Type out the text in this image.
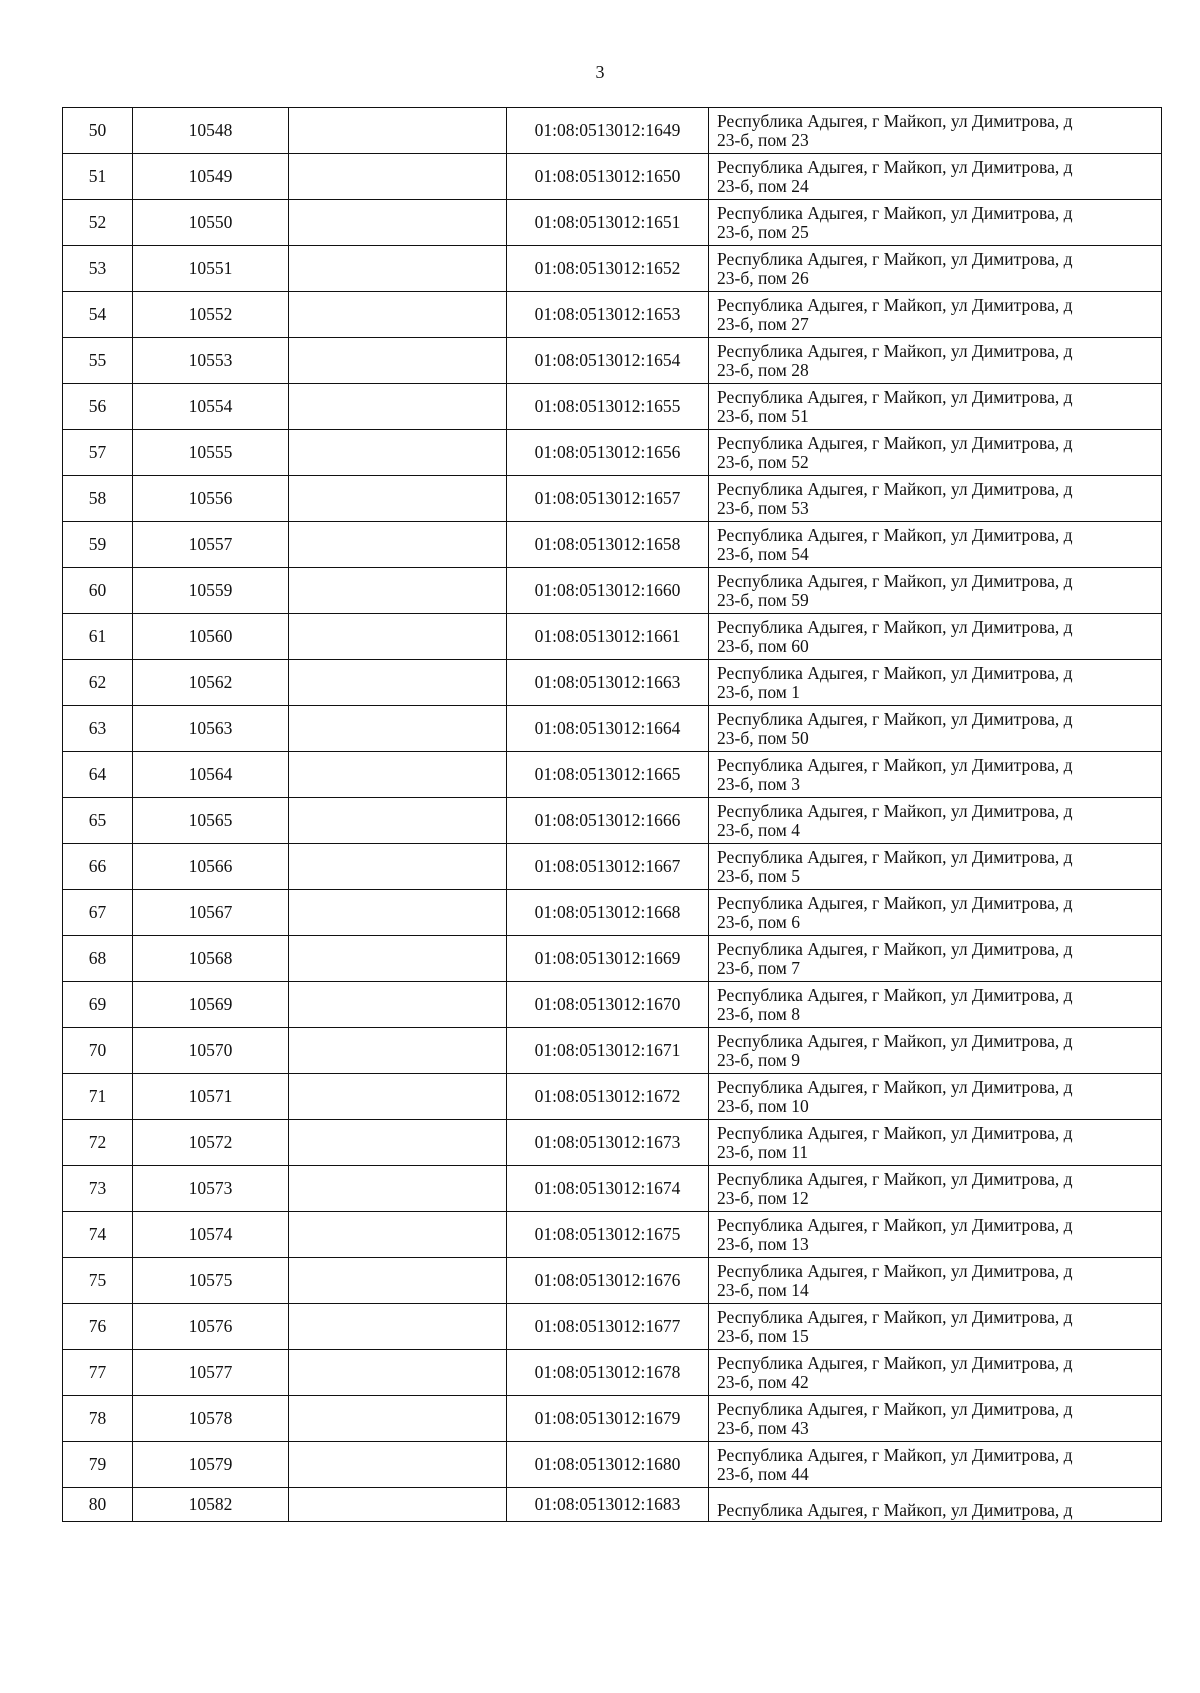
3
50	10548		01:08:0513012:1649	Республика Адыгея, г Майкоп, ул Димитрова, д
23-б, пом 23

51	10549		01:08:0513012:1650	Республика Адыгея, г Майкоп, ул Димитрова, д
23-б, пом 24

52	10550		01:08:0513012:1651	Республика Адыгея, г Майкоп, ул Димитрова, д
23-б, пом 25

53	10551		01:08:0513012:1652	Республика Адыгея, г Майкоп, ул Димитрова, д
23-б, пом 26

54	10552		01:08:0513012:1653	Республика Адыгея, г Майкоп, ул Димитрова, д
23-б, пом 27

55	10553		01:08:0513012:1654	Республика Адыгея, г Майкоп, ул Димитрова, д
23-б, пом 28

56	10554		01:08:0513012:1655	Республика Адыгея, г Майкоп, ул Димитрова, д
23-б, пом 51

57	10555		01:08:0513012:1656	Республика Адыгея, г Майкоп, ул Димитрова, д
23-б, пом 52

58	10556		01:08:0513012:1657	Республика Адыгея, г Майкоп, ул Димитрова, д
23-б, пом 53

59	10557		01:08:0513012:1658	Республика Адыгея, г Майкоп, ул Димитрова, д
23-б, пом 54

60	10559		01:08:0513012:1660	Республика Адыгея, г Майкоп, ул Димитрова, д
23-б, пом 59

61	10560		01:08:0513012:1661	Республика Адыгея, г Майкоп, ул Димитрова, д
23-б, пом 60

62	10562		01:08:0513012:1663	Республика Адыгея, г Майкоп, ул Димитрова, д
23-б, пом 1

63	10563		01:08:0513012:1664	Республика Адыгея, г Майкоп, ул Димитрова, д
23-б, пом 50

64	10564		01:08:0513012:1665	Республика Адыгея, г Майкоп, ул Димитрова, д
23-б, пом 3

65	10565		01:08:0513012:1666	Республика Адыгея, г Майкоп, ул Димитрова, д
23-б, пом 4

66	10566		01:08:0513012:1667	Республика Адыгея, г Майкоп, ул Димитрова, д
23-б, пом 5

67	10567		01:08:0513012:1668	Республика Адыгея, г Майкоп, ул Димитрова, д
23-б, пом 6

68	10568		01:08:0513012:1669	Республика Адыгея, г Майкоп, ул Димитрова, д
23-б, пом 7

69	10569		01:08:0513012:1670	Республика Адыгея, г Майкоп, ул Димитрова, д
23-б, пом 8

70	10570		01:08:0513012:1671	Республика Адыгея, г Майкоп, ул Димитрова, д
23-б, пом 9

71	10571		01:08:0513012:1672	Республика Адыгея, г Майкоп, ул Димитрова, д
23-б, пом 10

72	10572		01:08:0513012:1673	Республика Адыгея, г Майкоп, ул Димитрова, д
23-б, пом 11

73	10573		01:08:0513012:1674	Республика Адыгея, г Майкоп, ул Димитрова, д
23-б, пом 12

74	10574		01:08:0513012:1675	Республика Адыгея, г Майкоп, ул Димитрова, д
23-б, пом 13

75	10575		01:08:0513012:1676	Республика Адыгея, г Майкоп, ул Димитрова, д
23-б, пом 14

76	10576		01:08:0513012:1677	Республика Адыгея, г Майкоп, ул Димитрова, д
23-б, пом 15

77	10577		01:08:0513012:1678	Республика Адыгея, г Майкоп, ул Димитрова, д
23-б, пом 42

78	10578		01:08:0513012:1679	Республика Адыгея, г Майкоп, ул Димитрова, д
23-б, пом 43

79	10579		01:08:0513012:1680	Республика Адыгея, г Майкоп, ул Димитрова, д
23-б, пом 44

80	10582		01:08:0513012:1683	Республика Адыгея, г Майкоп, ул Димитрова, д
